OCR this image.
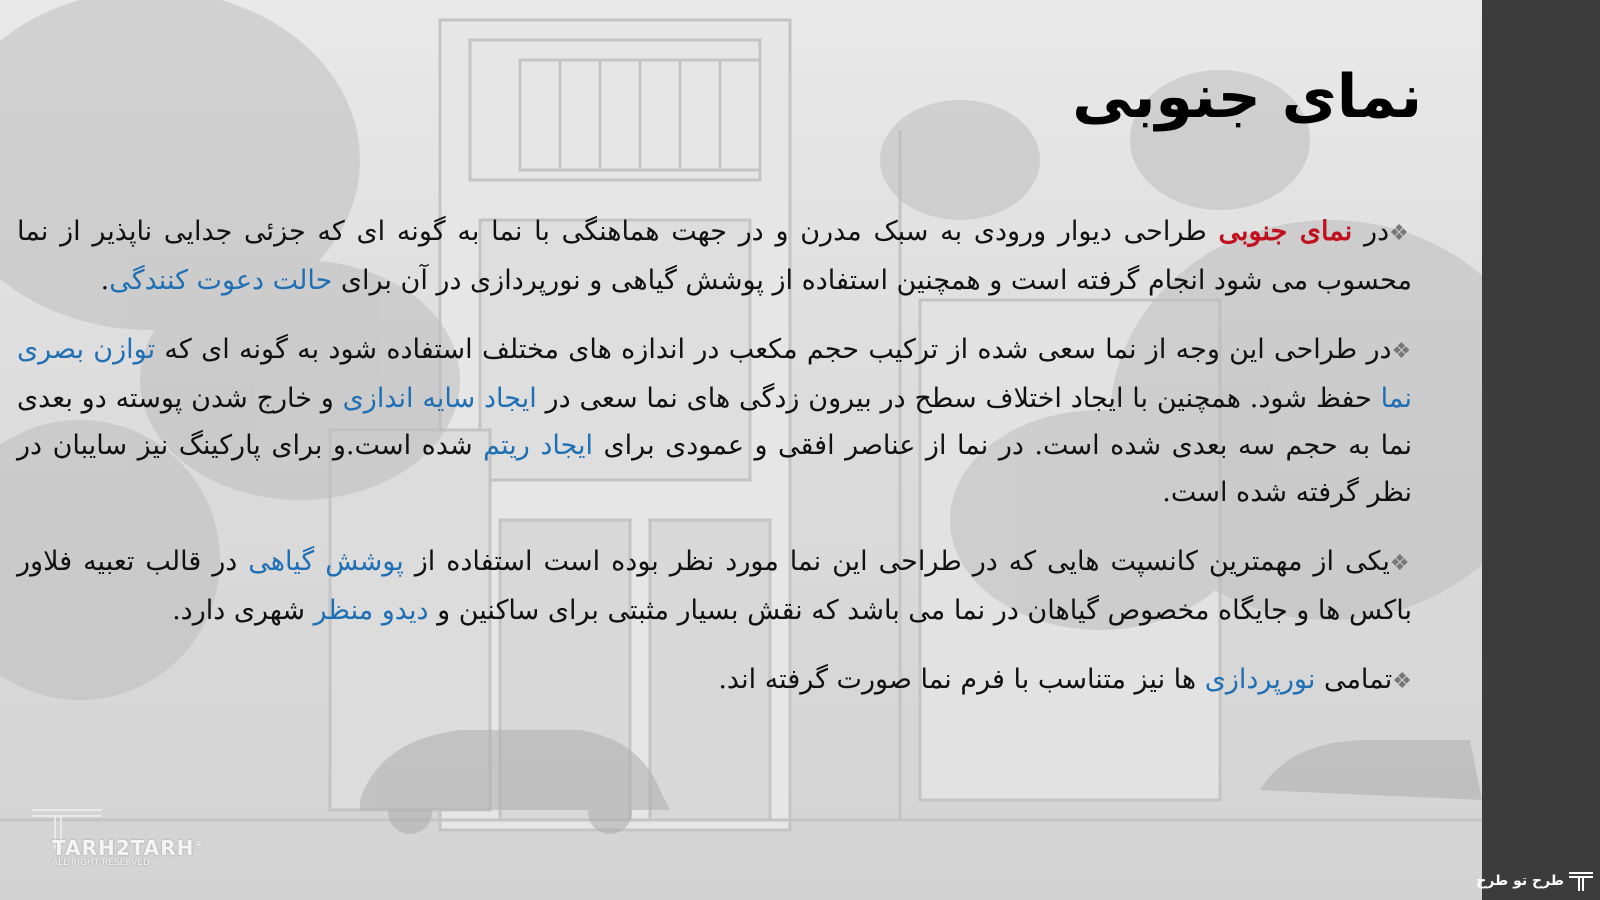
نمای جنوبی

❖در نمای جنوبی طراحی دیوار ورودی به سبک مدرن و در جهت هماهنگی با نما به گونه ای که جزئی جدایی ناپذیر از نما محسوب می شود انجام گرفته است و همچنین استفاده از پوشش گیاهی و نورپردازی در آن برای حالت دعوت کنندگی.

❖در طراحی این وجه از نما سعی شده از ترکیب حجم مکعب در اندازه های مختلف استفاده شود به گونه ای که توازن بصری نما حفظ شود. همچنین با ایجاد اختلاف سطح در بیرون زدگی های نما سعی در ایجاد سایه اندازی و خارج شدن پوسته دو بعدی نما به حجم سه بعدی شده است. در نما از عناصر افقی و عمودی برای ایجاد ریتم شده است.و برای پارکینگ نیز سایبان در نظر گرفته شده است.

❖یکی از مهمترین کانسپت هایی که در طراحی این نما مورد نظر بوده است استفاده از پوشش گیاهی در قالب تعبیه فلاور باکس ها و جایگاه مخصوص گیاهان در نما می باشد که نقش بسیار مثبتی برای ساکنین و دیدو منظر شهری دارد.

❖تمامی نورپردازی ها نیز متناسب با فرم نما صورت گرفته اند.

TARH2TARH®
ALL RIGHT RESERVED
طرح تو طرح
